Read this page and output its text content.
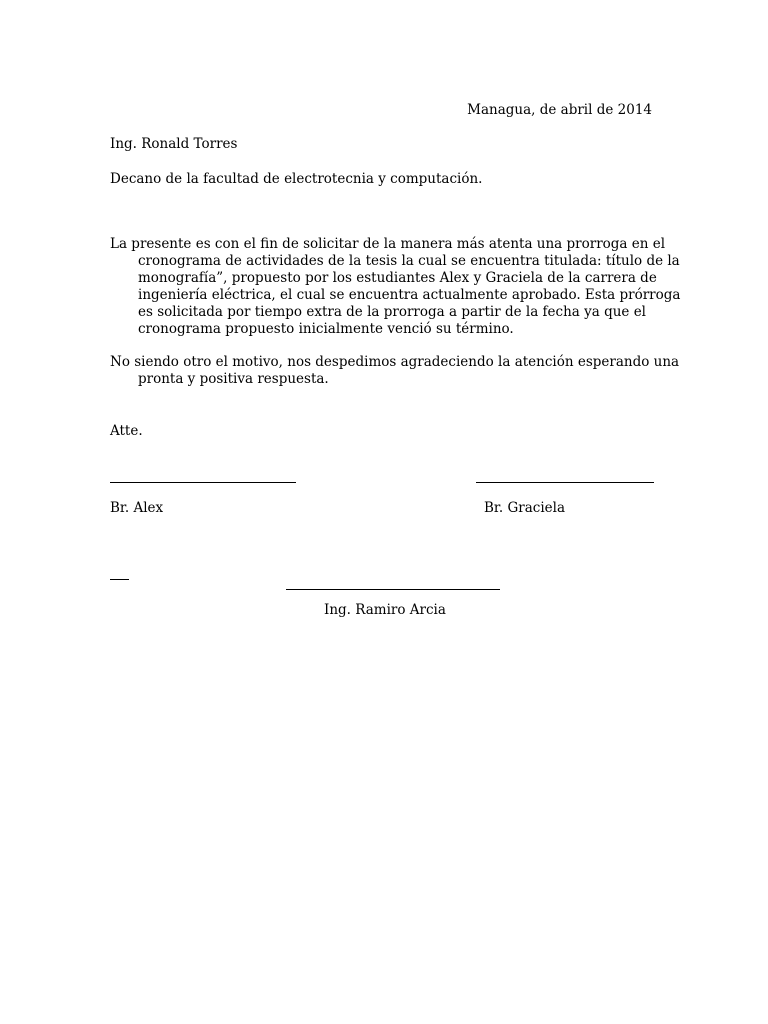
Managua, de abril de 2014

Ing. Ronald Torres

Decano de la facultad de electrotecnia y computación.

La presente es con el fin de solicitar de la manera más atenta una prorroga en el
cronograma de actividades de la tesis la cual se encuentra titulada: título de la
monografía”, propuesto por los estudiantes Alex y Graciela de la carrera de
ingeniería eléctrica, el cual se encuentra actualmente aprobado. Esta prórroga
es solicitada por tiempo extra de la prorroga a partir de la fecha ya que el
cronograma propuesto inicialmente venció su término.
No siendo otro el motivo, nos despedimos agradeciendo la atención esperando una
pronta y positiva respuesta.

Atte.

Br. Alex	Br. Graciela

Ing. Ramiro Arcia
